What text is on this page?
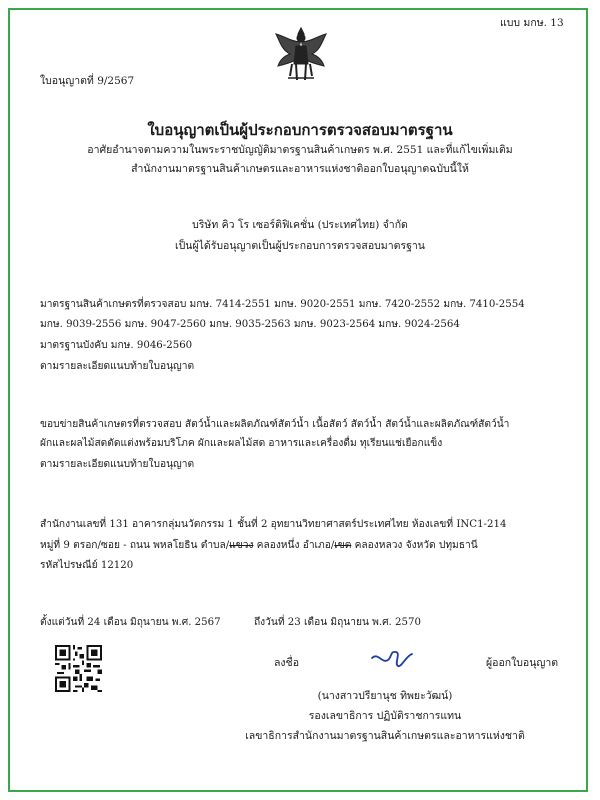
แบบ มกษ. 13
ใบอนุญาตที่ 9/2567
ใบอนุญาตเป็นผู้ประกอบการตรวจสอบมาตรฐาน
อาศัยอำนาจตามความในพระราชบัญญัติมาตรฐานสินค้าเกษตร พ.ศ. 2551 และที่แก้ไขเพิ่มเติม
สำนักงานมาตรฐานสินค้าเกษตรและอาหารแห่งชาติออกใบอนุญาตฉบับนี้ให้
บริษัท คิว โร เซอร์ติฟิเคชั่น (ประเทศไทย) จำกัด
เป็นผู้ได้รับอนุญาตเป็นผู้ประกอบการตรวจสอบมาตรฐาน
มาตรฐานสินค้าเกษตรที่ตรวจสอบ มกษ. 7414-2551 มกษ. 9020-2551 มกษ. 7420-2552 มกษ. 7410-2554
มกษ. 9039-2556 มกษ. 9047-2560 มกษ. 9035-2563 มกษ. 9023-2564 มกษ. 9024-2564
มาตรฐานบังคับ มกษ. 9046-2560
ตามรายละเอียดแนบท้ายใบอนุญาต
ขอบข่ายสินค้าเกษตรที่ตรวจสอบ สัตว์น้ำและผลิตภัณฑ์สัตว์น้ำ เนื้อสัตว์ สัตว์น้ำ สัตว์น้ำและผลิตภัณฑ์สัตว์น้ำ
ผักและผลไม้สดตัดแต่งพร้อมบริโภค ผักและผลไม้สด อาหารและเครื่องดื่ม ทุเรียนแช่เยือกแข็ง
ตามรายละเอียดแนบท้ายใบอนุญาต
สำนักงานเลขที่ 131 อาคารกลุ่มนวัตกรรม 1 ชั้นที่ 2 อุทยานวิทยาศาสตร์ประเทศไทย ห้องเลขที่ INC1-214
หมู่ที่ 9 ตรอก/ซอย - ถนน พหลโยธิน ตำบล/แขวง คลองหนึ่ง อำเภอ/เขต คลองหลวง จังหวัด ปทุมธานี
รหัสไปรษณีย์ 12120
ตั้งแต่วันที่ 24 เดือน มิถุนายน พ.ศ. 2567	ถึงวันที่ 23 เดือน มิถุนายน พ.ศ. 2570
ลงชื่อ	ผู้ออกใบอนุญาต
(นางสาวปรียานุช ทิพยะวัฒน์)
รองเลขาธิการ ปฏิบัติราชการแทน
เลขาธิการสำนักงานมาตรฐานสินค้าเกษตรและอาหารแห่งชาติ
